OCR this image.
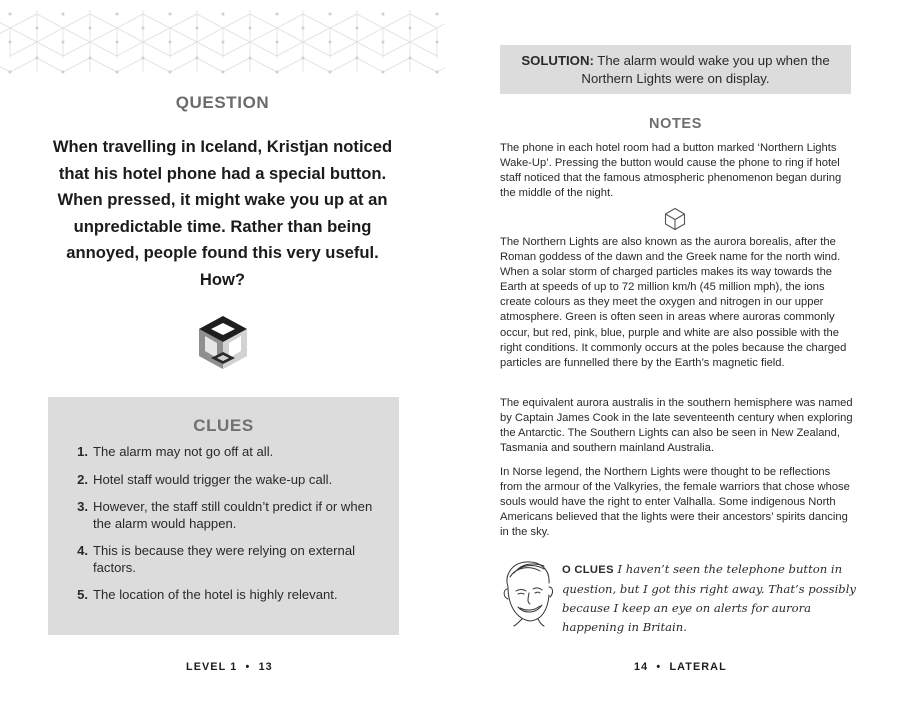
QUESTION
When travelling in Iceland, Kristjan noticed that his hotel phone had a special button. When pressed, it might wake you up at an unpredictable time. Rather than being annoyed, people found this very useful. How?
CLUES
1. The alarm may not go off at all.
2. Hotel staff would trigger the wake-up call.
3. However, the staff still couldn’t predict if or when the alarm would happen.
4. This is because they were relying on external factors.
5. The location of the hotel is highly relevant.
LEVEL 1  •  13
SOLUTION: The alarm would wake you up when the Northern Lights were on display.
NOTES

The phone in each hotel room had a button marked ‘Northern Lights Wake-Up’. Pressing the button would cause the phone to ring if hotel staff noticed that the famous atmospheric phenomenon began during the middle of the night.

The Northern Lights are also known as the aurora borealis, after the Roman goddess of the dawn and the Greek name for the north wind. When a solar storm of charged particles makes its way towards the Earth at speeds of up to 72 million km/h (45 million mph), the ions create colours as they meet the oxygen and nitrogen in our upper atmosphere. Green is often seen in areas where auroras commonly occur, but red, pink, blue, purple and white are also possible with the right conditions. It commonly occurs at the poles because the charged particles are funnelled there by the Earth’s magnetic field.

The equivalent aurora australis in the southern hemisphere was named by Captain James Cook in the late seventeenth century when exploring the Antarctic. The Southern Lights can also be seen in New Zealand, Tasmania and southern mainland Australia.

In Norse legend, the Northern Lights were thought to be reflections from the armour of the Valkyries, the female warriors that chose whose souls would have the right to enter Valhalla. Some indigenous North Americans believed that the lights were their ancestors’ spirits dancing in the sky.

O CLUES I haven’t seen the telephone button in question, but I got this right away. That’s possibly because I keep an eye on alerts for aurora happening in Britain.
14  •  LATERAL
